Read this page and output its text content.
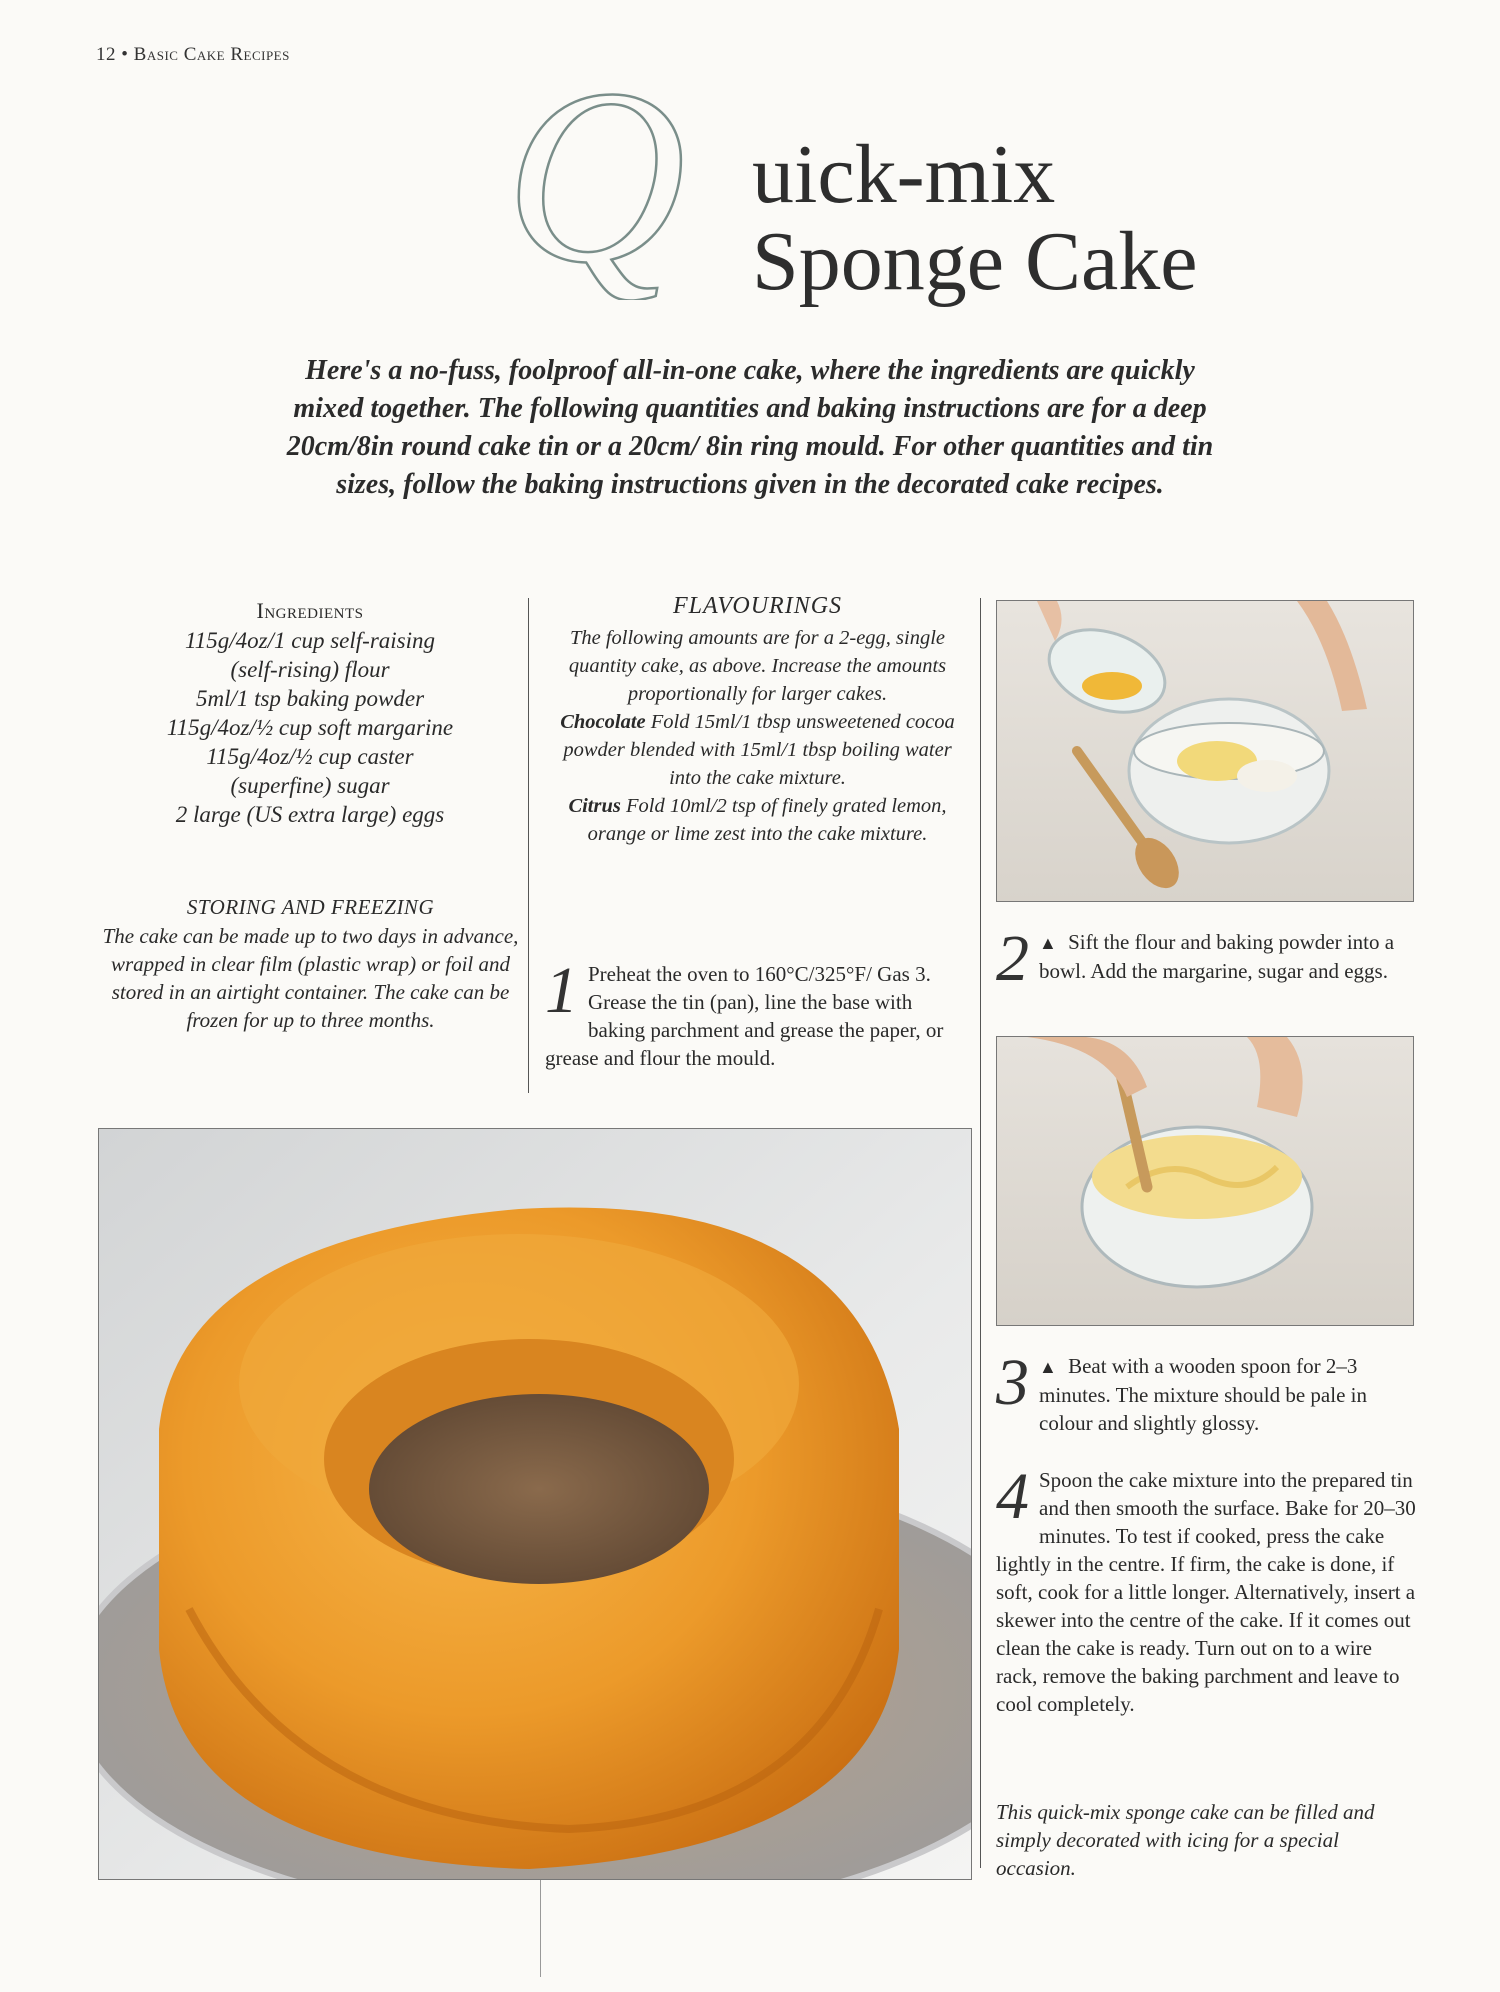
12 • Basic Cake Recipes Q uick-mix
Sponge Cake

Here's a no-fuss, foolproof all-in-one cake, where the ingredients are quickly mixed together. The following quantities and baking instructions are for a deep 20cm/8in round cake tin or a 20cm/ 8in ring mould. For other quantities and tin sizes, follow the baking instructions given in the decorated cake recipes.

Ingredients
115g/4oz/1 cup self-raising
(self-rising) flour
5ml/1 tsp baking powder
115g/4oz/½ cup soft margarine
115g/4oz/½ cup caster
(superfine) sugar
2 large (US extra large) eggs
STORING AND FREEZING

The cake can be made up to two days in advance, wrapped in clear film (plastic wrap) or foil and stored in an airtight container. The cake can be frozen for up to three months.

FLAVOURINGS

The following amounts are for a 2-egg, single quantity cake, as above. Increase the amounts proportionally for larger cakes.

Chocolate Fold 15ml/1 tbsp unsweetened cocoa powder blended with 15ml/1 tbsp boiling water into the cake mixture.

Citrus Fold 10ml/2 tsp of finely grated lemon, orange or lime zest into the cake mixture.

1 Preheat the oven to 160°C/325°F/ Gas 3. Grease the tin (pan), line the base with baking parchment and grease the paper, or grease and flour the mould.
2 ▲ Sift the flour and baking powder into a bowl. Add the margarine, sugar and eggs.
3 ▲ Beat with a wooden spoon for 2–3 minutes. The mixture should be pale in colour and slightly glossy.
4 Spoon the cake mixture into the prepared tin and then smooth the surface. Bake for 20–30 minutes. To test if cooked, press the cake lightly in the centre. If firm, the cake is done, if soft, cook for a little longer. Alternatively, insert a skewer into the centre of the cake. If it comes out clean the cake is ready. Turn out on to a wire rack, remove the baking parchment and leave to cool completely.
This quick-mix sponge cake can be filled and simply decorated with icing for a special occasion.
